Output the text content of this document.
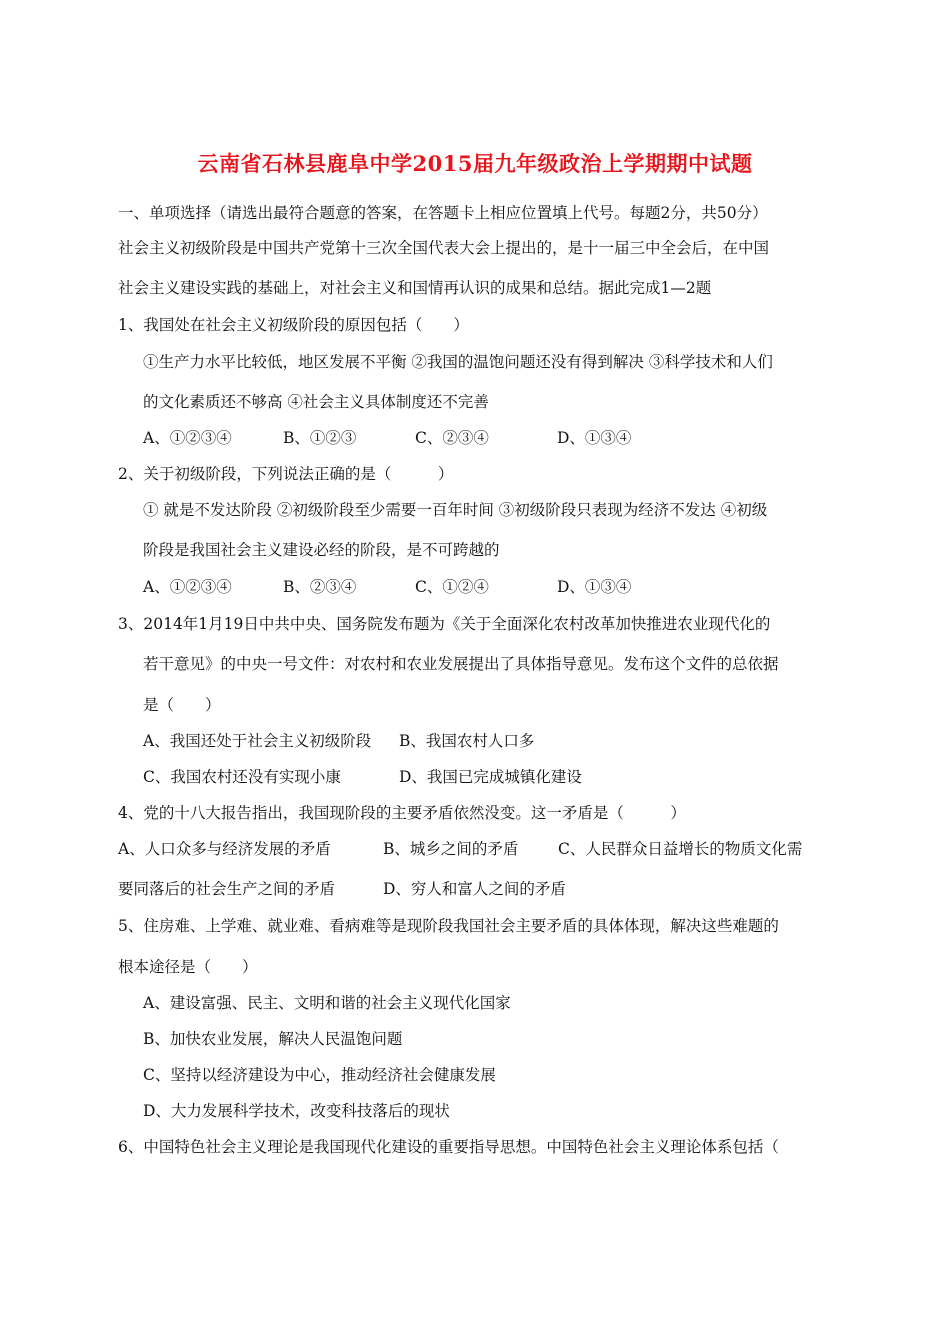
云南省石林县鹿阜中学2015届九年级政治上学期期中试题
一、单项选择（请选出最符合题意的答案，在答题卡上相应位置填上代号。每题2分，共50分）
社会主义初级阶段是中国共产党第十三次全国代表大会上提出的，是十一届三中全会后，在中国
社会主义建设实践的基础上，对社会主义和国情再认识的成果和总结。据此完成1—2题
1、我国处在社会主义初级阶段的原因包括（　　）
①生产力水平比较低，地区发展不平衡 ②我国的温饱问题还没有得到解决 ③科学技术和人们
的文化素质还不够高 ④社会主义具体制度还不完善
A、①②③④	B、①②③	C、②③④	D、①③④
2、关于初级阶段，下列说法正确的是（　　　）
① 就是不发达阶段 ②初级阶段至少需要一百年时间 ③初级阶段只表现为经济不发达 ④初级
阶段是我国社会主义建设必经的阶段，是不可跨越的
A、①②③④	B、②③④	C、①②④	D、①③④
3、2014年1月19日中共中央、国务院发布题为《关于全面深化农村改革加快推进农业现代化的
若干意见》的中央一号文件：对农村和农业发展提出了具体指导意见。发布这个文件的总依据
是（　　）
A、我国还处于社会主义初级阶段 B、我国农村人口多
C、我国农村还没有实现小康	D、我国已完成城镇化建设
4、党的十八大报告指出，我国现阶段的主要矛盾依然没变。这一矛盾是（　　　）
A、人口众多与经济发展的矛盾	B、城乡之间的矛盾	C、人民群众日益增长的物质文化需
要同落后的社会生产之间的矛盾	D、穷人和富人之间的矛盾
5、住房难、上学难、就业难、看病难等是现阶段我国社会主要矛盾的具体体现，解决这些难题的
根本途径是（　　）
A、建设富强、民主、文明和谐的社会主义现代化国家
B、加快农业发展，解决人民温饱问题
C、坚持以经济建设为中心，推动经济社会健康发展
D、大力发展科学技术，改变科技落后的现状
6、中国特色社会主义理论是我国现代化建设的重要指导思想。中国特色社会主义理论体系包括（
